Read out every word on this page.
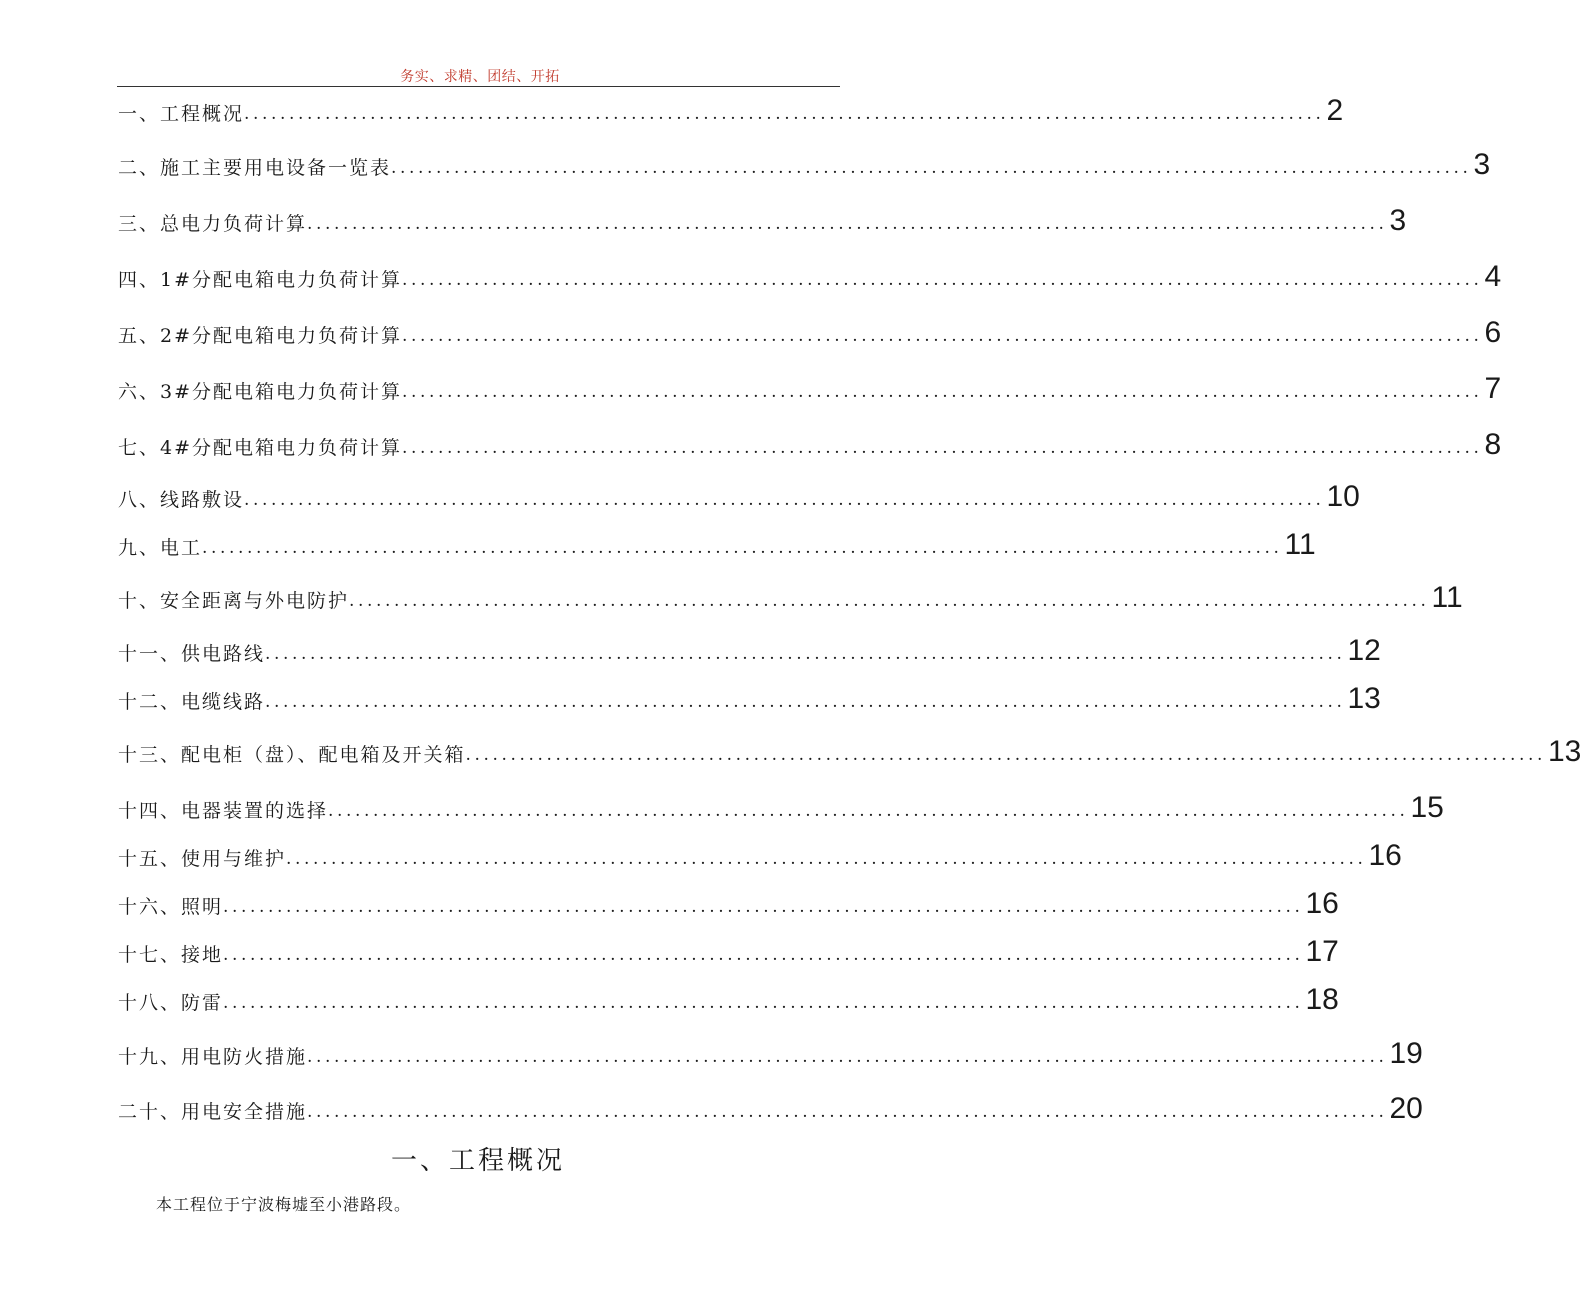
务实、求精、团结、开拓
一、工程概况 ........................................................................................................................ 2
二、施工主要用电设备一览表 ........................................................................................................................ 3
三、总电力负荷计算 ........................................................................................................................ 3
四、1#分配电箱电力负荷计算 ........................................................................................................................ 4
五、2#分配电箱电力负荷计算 ........................................................................................................................ 6
六、3#分配电箱电力负荷计算 ........................................................................................................................ 7
七、4#分配电箱电力负荷计算 ........................................................................................................................ 8
八、线路敷设 ........................................................................................................................ 10
九、电工 ........................................................................................................................ 11
十、安全距离与外电防护 ........................................................................................................................ 11
十一、供电路线 ........................................................................................................................ 12
十二、电缆线路 ........................................................................................................................ 13
十三、配电柜（盘）、配电箱及开关箱 ........................................................................................................................ 13
十四、电器装置的选择 ........................................................................................................................ 15
十五、使用与维护 ........................................................................................................................ 16
十六、照明 ........................................................................................................................ 16
十七、接地 ........................................................................................................................ 17
十八、防雷 ........................................................................................................................ 18
十九、用电防火措施 ........................................................................................................................ 19
二十、用电安全措施 ........................................................................................................................ 20
一、工程概况
本工程位于宁波梅墟至小港路段。
